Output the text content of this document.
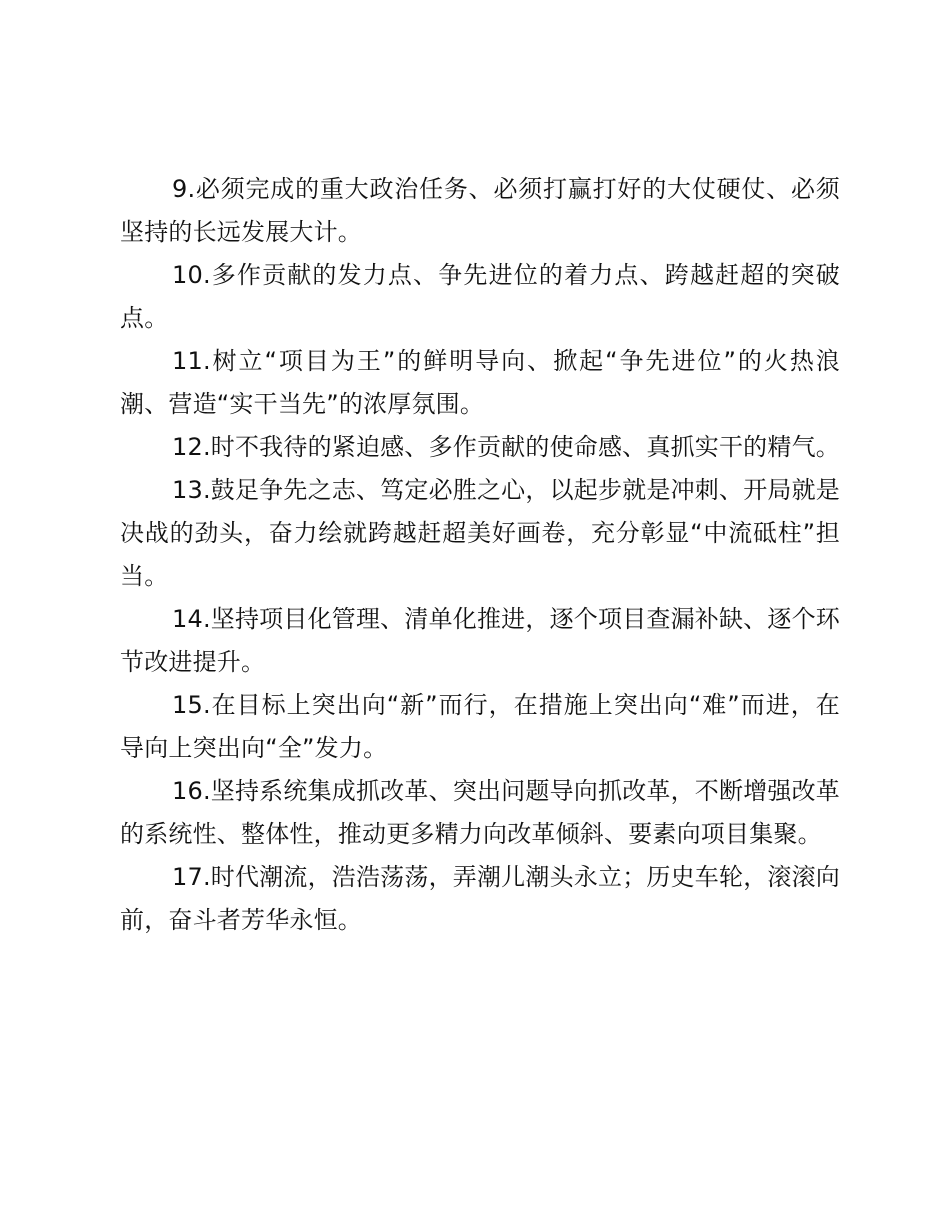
9.必须完成的重大政治任务、必须打赢打好的大仗硬仗、必须坚持的长远发展大计。

10.多作贡献的发力点、争先进位的着力点、跨越赶超的突破点。

11.树立“项目为王”的鲜明导向、掀起“争先进位”的火热浪潮、营造“实干当先”的浓厚氛围。

12.时不我待的紧迫感、多作贡献的使命感、真抓实干的精气。

13.鼓足争先之志、笃定必胜之心，以起步就是冲刺、开局就是决战的劲头，奋力绘就跨越赶超美好画卷，充分彰显“中流砥柱”担当。

14.坚持项目化管理、清单化推进，逐个项目查漏补缺、逐个环节改进提升。

15.在目标上突出向“新”而行，在措施上突出向“难”而进，在导向上突出向“全”发力。

16.坚持系统集成抓改革、突出问题导向抓改革，不断增强改革的系统性、整体性，推动更多精力向改革倾斜、要素向项目集聚。

17.时代潮流，浩浩荡荡，弄潮儿潮头永立；历史车轮，滚滚向前，奋斗者芳华永恒。
